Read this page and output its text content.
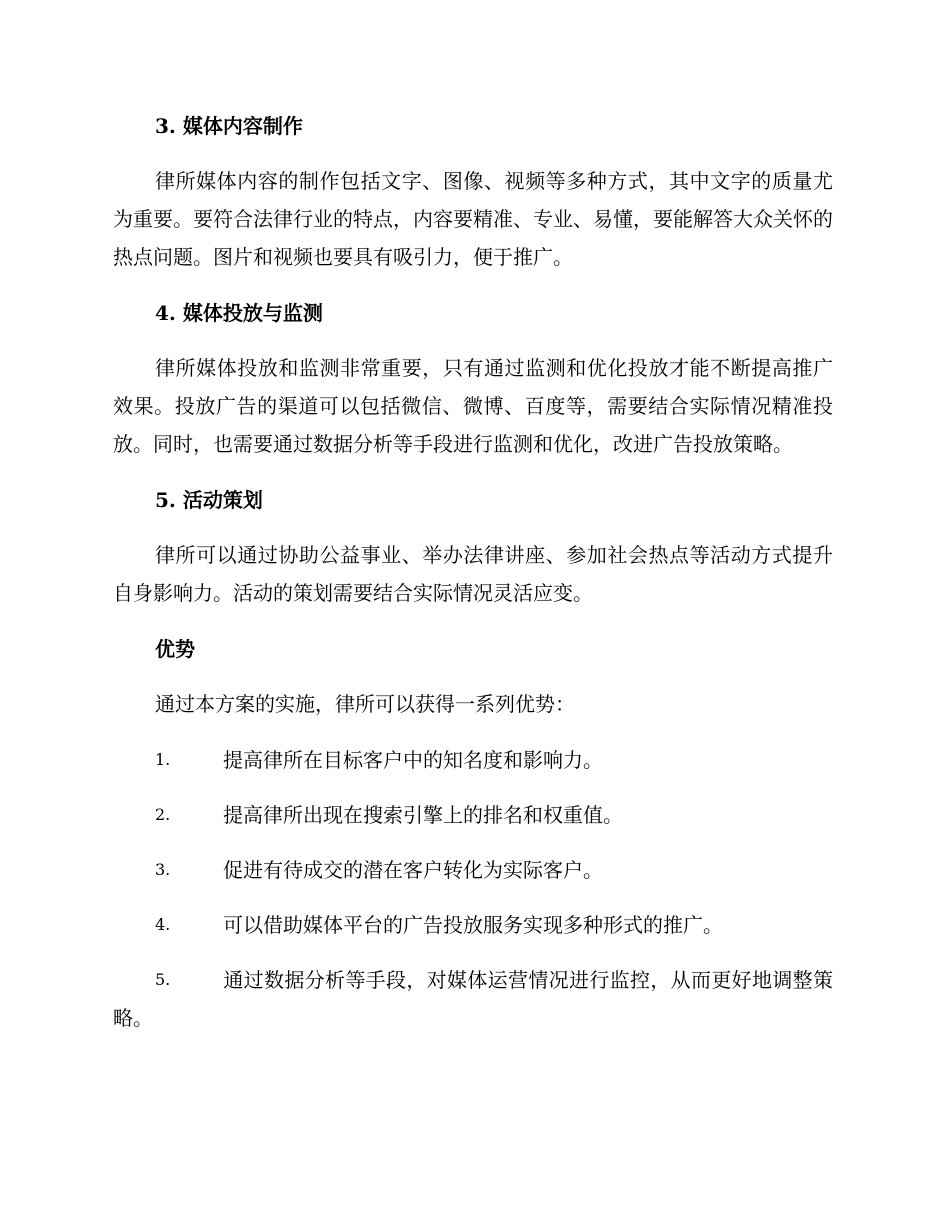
3. 媒体内容制作
律所媒体内容的制作包括文字、图像、视频等多种方式，其中文字的质量尤为重要。要符合法律行业的特点，内容要精准、专业、易懂，要能解答大众关怀的热点问题。图片和视频也要具有吸引力，便于推广。
4. 媒体投放与监测
律所媒体投放和监测非常重要，只有通过监测和优化投放才能不断提高推广效果。投放广告的渠道可以包括微信、微博、百度等，需要结合实际情况精准投放。同时，也需要通过数据分析等手段进行监测和优化，改进广告投放策略。
5. 活动策划
律所可以通过协助公益事业、举办法律讲座、参加社会热点等活动方式提升自身影响力。活动的策划需要结合实际情况灵活应变。
优势
通过本方案的实施，律所可以获得一系列优势：
1.	提高律所在目标客户中的知名度和影响力。
2.	提高律所出现在搜索引擎上的排名和权重值。
3.	促进有待成交的潜在客户转化为实际客户。
4.	可以借助媒体平台的广告投放服务实现多种形式的推广。
5.	通过数据分析等手段，对媒体运营情况进行监控，从而更好地调整策略。
